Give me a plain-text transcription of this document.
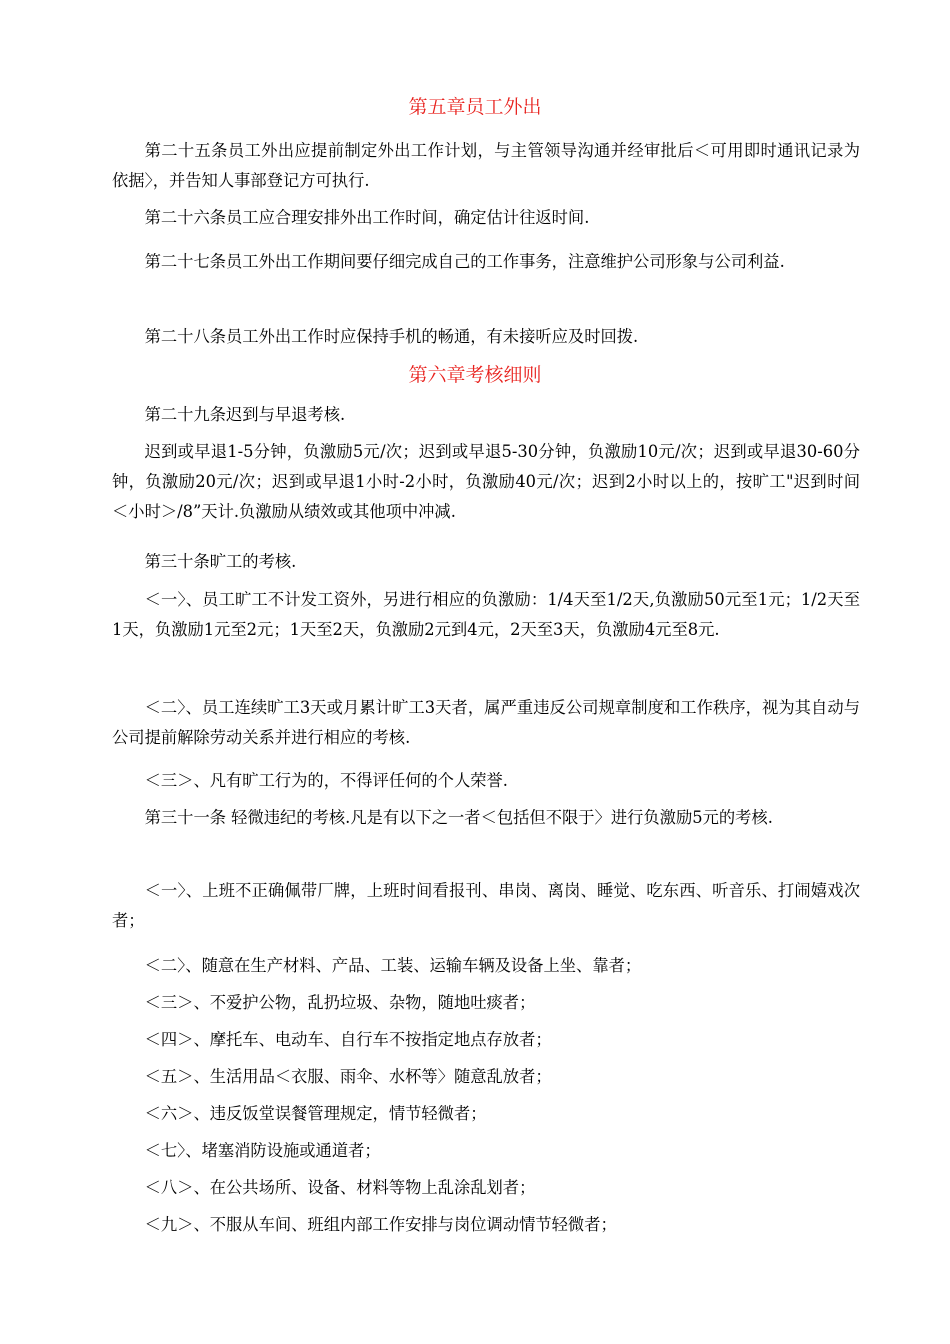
第五章员工外出
第二十五条员工外出应提前制定外出工作计划，与主管领导沟通并经审批后＜可用即时通讯记录为依据〉，并告知人事部登记方可执行.
第二十六条员工应合理安排外出工作时间，确定估计往返时间.
第二十七条员工外出工作期间要仔细完成自己的工作事务，注意维护公司形象与公司利益.
第二十八条员工外出工作时应保持手机的畅通，有未接听应及时回拨.
第六章考核细则
第二十九条迟到与早退考核.
迟到或早退1-5分钟，负激励5元/次；迟到或早退5-30分钟，负激励10元/次；迟到或早退30-60分钟，负激励20元/次；迟到或早退1小时-2小时，负激励40元/次；迟到2小时以上的，按旷工"迟到时间 ＜小时＞/8”天计.负激励从绩效或其他项中冲减.
第三十条旷工的考核.
＜一〉、员工旷工不计发工资外，另进行相应的负激励：1/4天至1/2天,负激励50元至1元；1/2天至1天，负激励1元至2元；1天至2天，负激励2元到4元，2天至3天，负激励4元至8元.
＜二〉、员工连续旷工3天或月累计旷工3天者，属严重违反公司规章制度和工作秩序，视为其自动与公司提前解除劳动关系并进行相应的考核.
＜三＞、凡有旷工行为的，不得评任何的个人荣誉.
第三十一条 轻微违纪的考核.凡是有以下之一者＜包括但不限于〉进行负激励5元的考核.
＜一〉、上班不正确佩带厂牌，上班时间看报刊、串岗、离岗、睡觉、吃东西、听音乐、打闹嬉戏次者；
＜二〉、随意在生产材料、产品、工装、运输车辆及设备上坐、靠者；
＜三＞、不爱护公物，乱扔垃圾、杂物，随地吐痰者；
＜四＞、摩托车、电动车、自行车不按指定地点存放者；
＜五＞、生活用品＜衣服、雨伞、水杯等〉随意乱放者；
＜六＞、违反饭堂误餐管理规定，情节轻微者；
＜七〉、堵塞消防设施或通道者；
＜八＞、在公共场所、设备、材料等物上乱涂乱划者；
＜九＞、不服从车间、班组内部工作安排与岗位调动情节轻微者；
